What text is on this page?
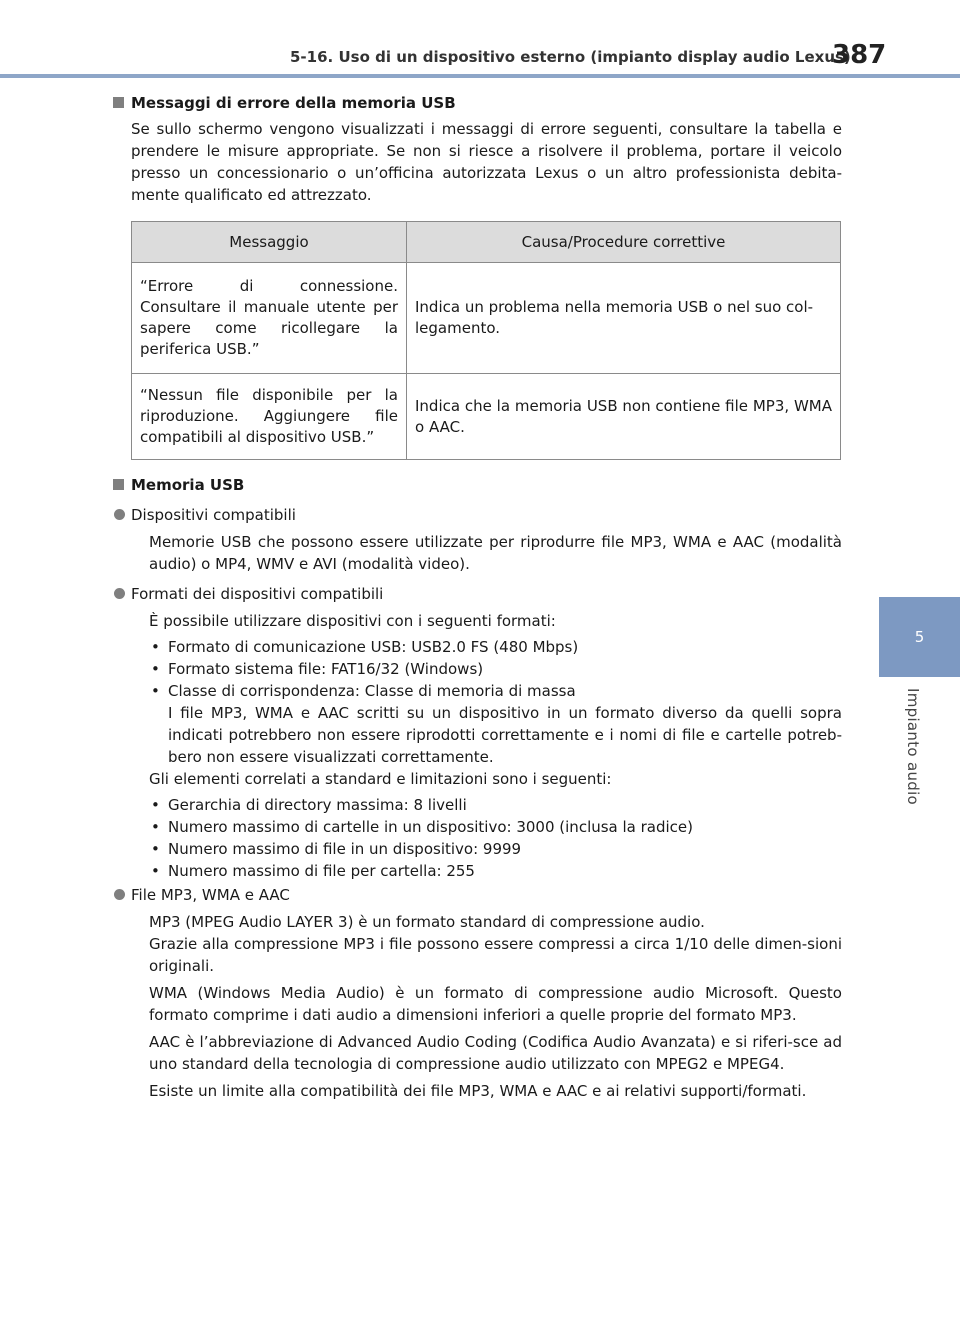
5-16. Uso di un dispositivo esterno (impianto display audio Lexus)
387
5
Impianto audio
Messaggi di errore della memoria USB

Se sullo schermo vengono visualizzati i messaggi di errore seguenti, consultare la tabella e prendere le misure appropriate. Se non si riesce a risolvere il problema, portare il veicolo presso un concessionario o un’officina autorizzata Lexus o un altro professionista debita-mente qualificato ed attrezzato.

Messaggio	Causa/Procedure correttive
“Errore di connessione. Consultare il manuale utente per sapere come ricollegare la periferica USB.”	Indica un problema nella memoria USB o nel suo col-legamento.
“Nessun file disponibile per la riproduzione. Aggiungere file compatibili al dispositivo USB.”	Indica che la memoria USB non contiene file MP3, WMA o AAC.
Memoria USB
Dispositivi compatibili

Memorie USB che possono essere utilizzate per riprodurre file MP3, WMA e AAC (modalità audio) o MP4, WMV e AVI (modalità video).

Formati dei dispositivi compatibili

È possibile utilizzare dispositivi con i seguenti formati:

• Formato di comunicazione USB: USB2.0 FS (480 Mbps)
• Formato sistema file: FAT16/32 (Windows)
• Classe di corrispondenza: Classe di memoria di massa

I file MP3, WMA e AAC scritti su un dispositivo in un formato diverso da quelli sopra indicati potrebbero non essere riprodotti correttamente e i nomi di file e cartelle potreb-bero non essere visualizzati correttamente.

Gli elementi correlati a standard e limitazioni sono i seguenti:

• Gerarchia di directory massima: 8 livelli
• Numero massimo di cartelle in un dispositivo: 3000 (inclusa la radice)
• Numero massimo di file in un dispositivo: 9999
• Numero massimo di file per cartella: 255
File MP3, WMA e AAC

MP3 (MPEG Audio LAYER 3) è un formato standard di compressione audio.

Grazie alla compressione MP3 i file possono essere compressi a circa 1/10 delle dimen-sioni originali.

WMA (Windows Media Audio) è un formato di compressione audio Microsoft. Questo formato comprime i dati audio a dimensioni inferiori a quelle proprie del formato MP3.

AAC è l’abbreviazione di Advanced Audio Coding (Codifica Audio Avanzata) e si riferi-sce ad uno standard della tecnologia di compressione audio utilizzato con MPEG2 e MPEG4.

Esiste un limite alla compatibilità dei file MP3, WMA e AAC e ai relativi supporti/formati.
